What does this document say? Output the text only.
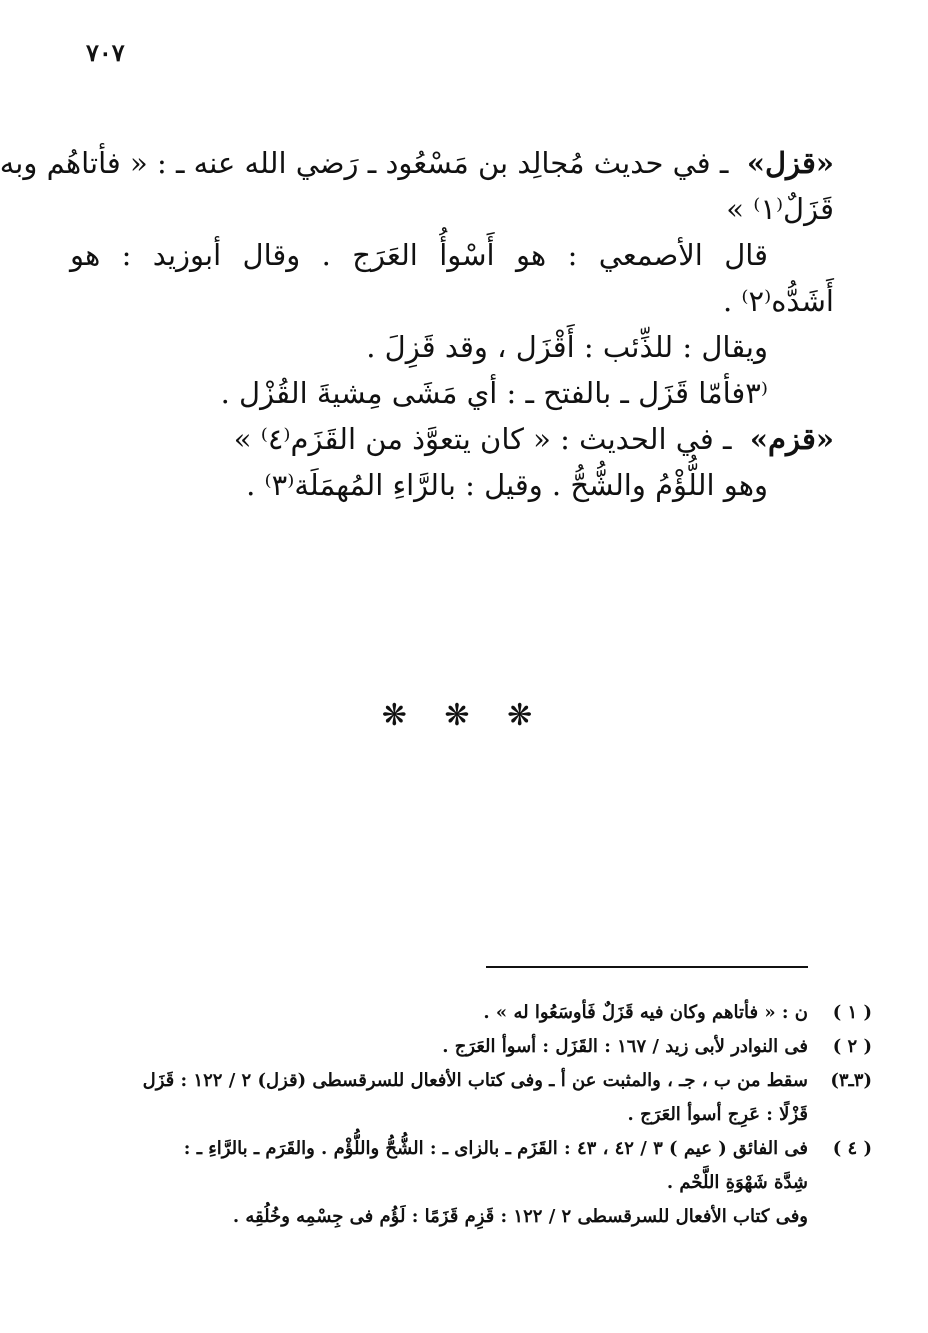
٧٠٧
«قزل»  ـ في حديث مُجالِد بن مَسْعُود ـ رَضي الله عنه ـ : « فأتاهُم وبه
قَزَلٌ⁽١⁾ »
قال الأصمعي : هو أَسْوأُ العَرَج . وقال أبوزيد : هو
أَشَدُّه⁽٢⁾ .
ويقال : للذِّئب : أَقْزَل ، وقد قَزِلَ .
⁽٣فأمّا قَزَل ـ بالفتح ـ : أي مَشَى مِشيةَ القُزْل .
«قزم»  ـ في الحديث : « كان يتعوَّذ من القَزَم⁽٤⁾ »
وهو اللُّؤْمُ والشُّحُّ . وقيل : بالرَّاءِ المُهمَلَة⁽٣⁾ .
❋ ❋ ❋
( ١ )
ن : « فأتاهم وكان فيه قَزَلٌ فَأوسَعُوا له » .
( ٢ )
فى النوادر لأبى زيد / ١٦٧ : القَزَل : أسوأ العَرَج .
(٣ـ٣)
سقط من ب ، جـ ، والمثبت عن أ ـ وفى كتاب الأفعال للسرقسطى (قزل) ٢ / ١٢٢ : قَزَل
قَزْلًا : عَرِج أسوأ العَرَج .
( ٤ )
فى الفائق ( عيم ) ٣ / ٤٢ ، ٤٣ : القَزَم ـ بالزاى ـ : الشُّحُّ واللُّؤْم . والقَرَم ـ بالرَّاءِ ـ :
شِدَّة شَهْوَةِ اللَّحْم .
وفى كتاب الأفعال للسرقسطى ٢ / ١٢٢ : قَزِم قَزَمًا : لَؤُم فى جِسْمِه وخُلُقِه .
